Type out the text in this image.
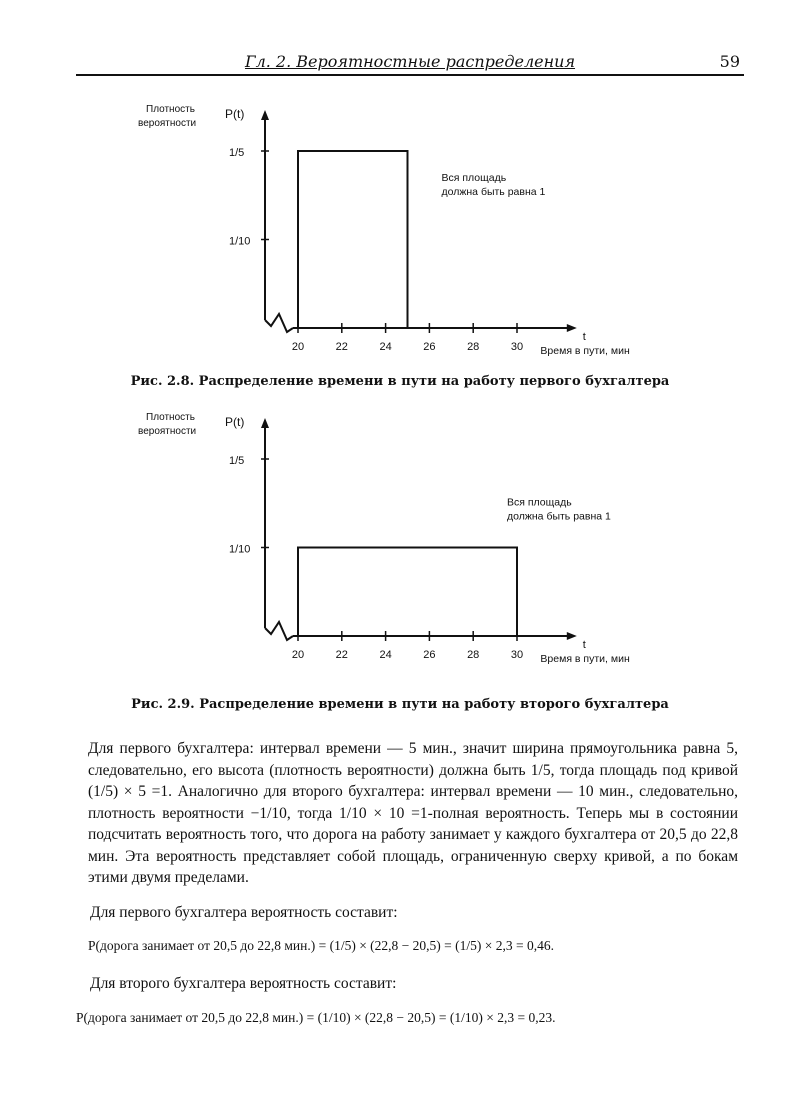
Гл. 2. Вероятностные распределения	59
1/5
1/10
20	22	24	26	28	30
Плотность
вероятности
P(t)
t
Время в пути, мин
Вся площадь
должна быть равна 1
Рис. 2.8. Распределение времени в пути на работу первого бухгалтера
1/5
1/10
20	22	24	26	28	30
Плотность
вероятности
P(t)
t
Время в пути, мин
Вся площадь
должна быть равна 1
Рис. 2.9. Распределение времени в пути на работу второго бухгалтера

Для первого бухгалтера: интервал времени — 5 мин., значит ширина прямоугольника равна 5, следовательно, его высота (плотность вероятности) должна быть 1/5, тогда площадь под кривой (1/5) × 5 =1. Аналогично для второго бухгалтера: интервал времени — 10 мин., следовательно, плотность вероятности −1/10, тогда 1/10 × 10 =1-полная вероятность. Теперь мы в состоянии подсчитать вероятность того, что дорога на работу занимает у каждого бухгалтера от 20,5 до 22,8 мин. Эта вероятность представляет собой площадь, ограниченную сверху кривой, а по бокам этими двумя пределами.

Для первого бухгалтера вероятность составит:
Р(дорога занимает от 20,5 до 22,8 мин.) = (1/5) × (22,8 − 20,5) = (1/5) × 2,3 = 0,46.
Для второго бухгалтера вероятность составит:
Р(дорога занимает от 20,5 до 22,8 мин.) = (1/10) × (22,8 − 20,5) = (1/10) × 2,3 = 0,23.
